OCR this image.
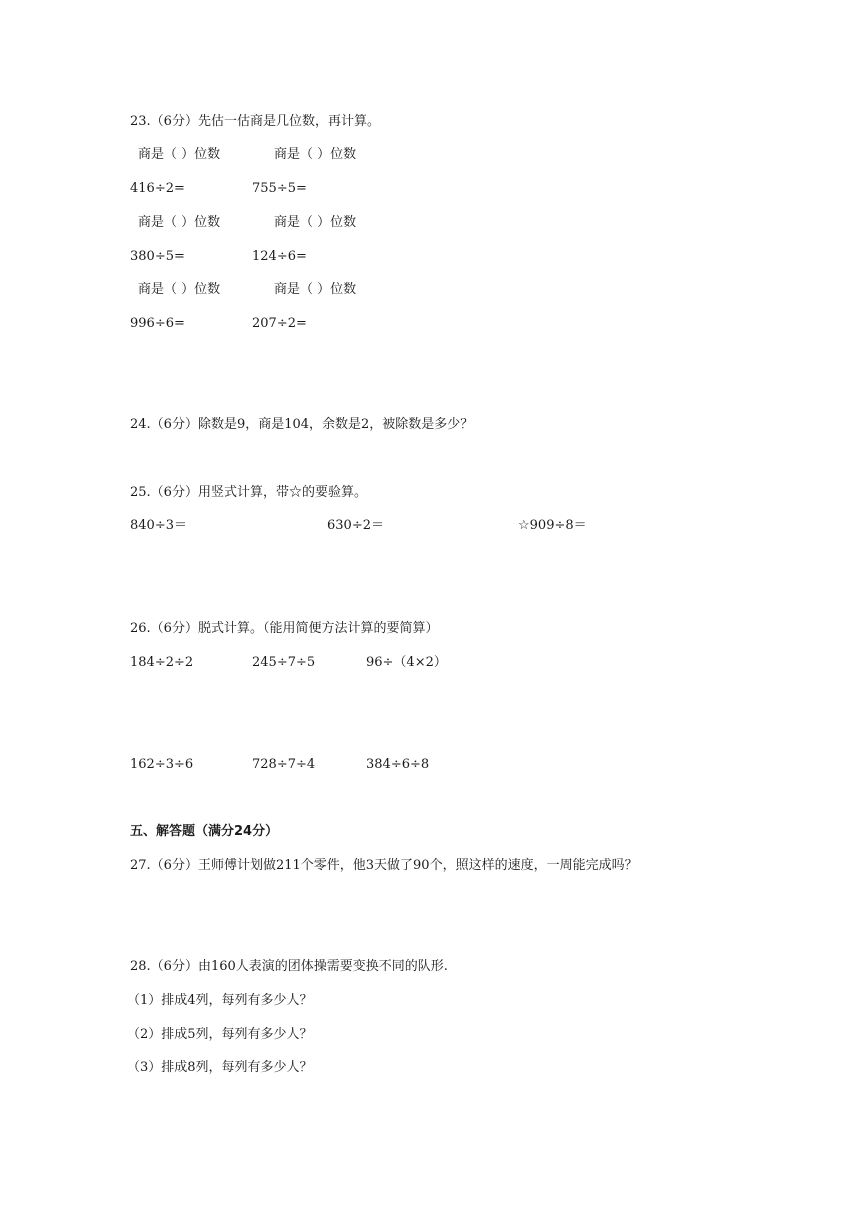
23.（6分）先估一估商是几位数，再计算。
商是（ ）位数	商是（ ）位数
416÷2=	755÷5=
商是（ ）位数	商是（ ）位数
380÷5=	124÷6=
商是（ ）位数	商是（ ）位数
996÷6=	207÷2=
24.（6分）除数是9，商是104，余数是2，被除数是多少？
25.（6分）用竖式计算，带☆的要验算。
840÷3＝	630÷2＝	☆909÷8＝
26.（6分）脱式计算。（能用简便方法计算的要简算）
184÷2÷2	245÷7÷5	96÷（4×2）
162÷3÷6	728÷7÷4	384÷6÷8
五、解答题（满分24分）
27.（6分）王师傅计划做211个零件，他3天做了90个，照这样的速度，一周能完成吗？
28.（6分）由160人表演的团体操需要变换不同的队形.
（1）排成4列，每列有多少人？
（2）排成5列，每列有多少人？
（3）排成8列，每列有多少人？
